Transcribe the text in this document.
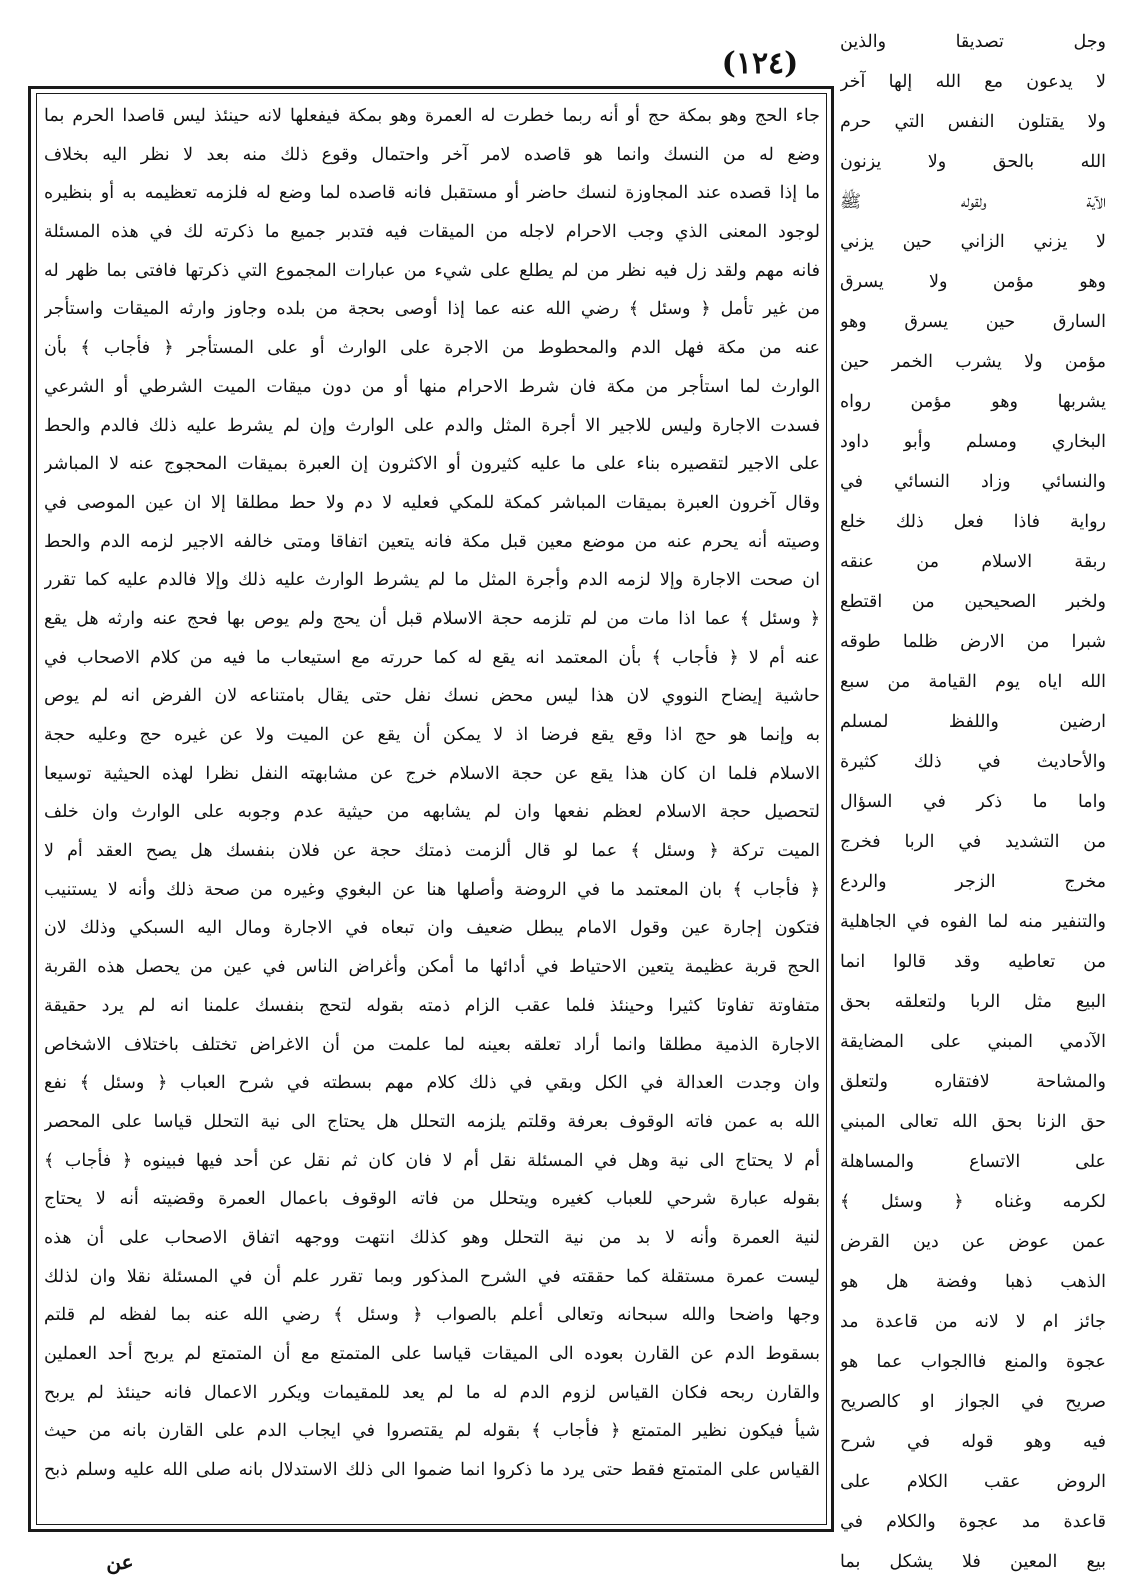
(١٢٤)
جاء الحج وهو بمكة حج أو أنه ربما خطرت له العمرة وهو بمكة فيفعلها لانه حينئذ ليس قاصدا الحرم بما
وضع له من النسك وانما هو قاصده لامر آخر واحتمال وقوع ذلك منه بعد لا نظر اليه بخلاف
ما إذا قصده عند المجاوزة لنسك حاضر أو مستقبل فانه قاصده لما وضع له فلزمه تعظيمه به أو بنظيره
لوجود المعنى الذي وجب الاحرام لاجله من الميقات فيه فتدبر جميع ما ذكرته لك في هذه المسئلة
فانه مهم ولقد زل فيه نظر من لم يطلع على شيء من عبارات المجموع التي ذكرتها فافتى بما ظهر له
من غير تأمل ﴿ وسئل ﴾ رضي الله عنه عما إذا أوصى بحجة من بلده وجاوز وارثه الميقات واستأجر
عنه من مكة فهل الدم والمحطوط من الاجرة على الوارث أو على المستأجر ﴿ فأجاب ﴾ بأن
الوارث لما استأجر من مكة فان شرط الاحرام منها أو من دون ميقات الميت الشرطي أو الشرعي
فسدت الاجارة وليس للاجير الا أجرة المثل والدم على الوارث وإن لم يشرط عليه ذلك فالدم والحط
على الاجير لتقصيره بناء على ما عليه كثيرون أو الاكثرون إن العبرة بميقات المحجوج عنه لا المباشر
وقال آخرون العبرة بميقات المباشر كمكة للمكي فعليه لا دم ولا حط مطلقا إلا ان عين الموصى في
وصيته أنه يحرم عنه من موضع معين قبل مكة فانه يتعين اتفاقا ومتى خالفه الاجير لزمه الدم والحط
ان صحت الاجارة وإلا لزمه الدم وأجرة المثل ما لم يشرط الوارث عليه ذلك وإلا فالدم عليه كما تقرر
﴿ وسئل ﴾ عما اذا مات من لم تلزمه حجة الاسلام قبل أن يحج ولم يوص بها فحج عنه وارثه هل يقع
عنه أم لا ﴿ فأجاب ﴾ بأن المعتمد انه يقع له كما حررته مع استيعاب ما فيه من كلام الاصحاب في
حاشية إيضاح النووي لان هذا ليس محض نسك نفل حتى يقال بامتناعه لان الفرض انه لم يوص
به وإنما هو حج اذا وقع يقع فرضا اذ لا يمكن أن يقع عن الميت ولا عن غيره حج وعليه حجة
الاسلام فلما ان كان هذا يقع عن حجة الاسلام خرج عن مشابهته النفل نظرا لهذه الحيثية توسيعا
لتحصيل حجة الاسلام لعظم نفعها وان لم يشابهه من حيثية عدم وجوبه على الوارث وان خلف
الميت تركة ﴿ وسئل ﴾ عما لو قال ألزمت ذمتك حجة عن فلان بنفسك هل يصح العقد أم لا
﴿ فأجاب ﴾ بان المعتمد ما في الروضة وأصلها هنا عن البغوي وغيره من صحة ذلك وأنه لا يستنيب
فتكون إجارة عين وقول الامام يبطل ضعيف وان تبعاه في الاجارة ومال اليه السبكي وذلك لان
الحج قربة عظيمة يتعين الاحتياط في أدائها ما أمكن وأغراض الناس في عين من يحصل هذه القربة
متفاوتة تفاوتا كثيرا وحينئذ فلما عقب الزام ذمته بقوله لتحج بنفسك علمنا انه لم يرد حقيقة
الاجارة الذمية مطلقا وانما أراد تعلقه بعينه لما علمت من أن الاغراض تختلف باختلاف الاشخاص
وان وجدت العدالة في الكل وبقي في ذلك كلام مهم بسطته في شرح العباب ﴿ وسئل ﴾ نفع
الله به عمن فاته الوقوف بعرفة وقلتم يلزمه التحلل هل يحتاج الى نية التحلل قياسا على المحصر
أم لا يحتاج الى نية وهل في المسئلة نقل أم لا فان كان ثم نقل عن أحد فيها فبينوه ﴿ فأجاب ﴾
بقوله عبارة شرحي للعباب كغيره ويتحلل من فاته الوقوف باعمال العمرة وقضيته أنه لا يحتاج
لنية العمرة وأنه لا بد من نية التحلل وهو كذلك انتهت ووجهه اتفاق الاصحاب على أن هذه
ليست عمرة مستقلة كما حققته في الشرح المذكور وبما تقرر علم أن في المسئلة نقلا وان لذلك
وجها واضحا والله سبحانه وتعالى أعلم بالصواب ﴿ وسئل ﴾ رضي الله عنه بما لفظه لم قلتم
بسقوط الدم عن القارن بعوده الى الميقات قياسا على المتمتع مع أن المتمتع لم يربح أحد العملين
والقارن ربحه فكان القياس لزوم الدم له ما لم يعد للمقيمات ويكرر الاعمال فانه حينئذ لم يربح
شيأ فيكون نظير المتمتع ﴿ فأجاب ﴾ بقوله لم يقتصروا في ايجاب الدم على القارن بانه من حيث
القياس على المتمتع فقط حتى يرد ما ذكروا انما ضموا الى ذلك الاستدلال بانه صلى الله عليه وسلم ذبح
وجل تصديقا والذين
لا يدعون مع الله إلها آخر
ولا يقتلون النفس التي حرم
الله بالحق ولا يزنون
الآية ولقوله ﷺ
لا يزني الزاني حين يزني
وهو مؤمن ولا يسرق
السارق حين يسرق وهو
مؤمن ولا يشرب الخمر حين
يشربها وهو مؤمن رواه
البخاري ومسلم وأبو داود
والنسائي وزاد النسائي في
رواية فاذا فعل ذلك خلع
ربقة الاسلام من عنقه
ولخبر الصحيحين من اقتطع
شبرا من الارض ظلما طوقه
الله اياه يوم القيامة من سبع
ارضين واللفظ لمسلم
والأحاديث في ذلك كثيرة
واما ما ذكر في السؤال
من التشديد في الربا فخرج
مخرج الزجر والردع
والتنفير منه لما الفوه في الجاهلية
من تعاطيه وقد قالوا انما
البيع مثل الربا ولتعلقه بحق
الآدمي المبني على المضايقة
والمشاحة لافتقاره ولتعلق
حق الزنا بحق الله تعالى المبني
على الاتساع والمساهلة
لكرمه وغناه ﴿ وسئل ﴾
عمن عوض عن دين القرض
الذهب ذهبا وفضة هل هو
جائز ام لا لانه من قاعدة مد
عجوة والمنع فاالجواب عما هو
صريح في الجواز او كالصريح
فيه وهو قوله في شرح
الروض عقب الكلام على
قاعدة مد عجوة والكلام في
بيع المعين فلا يشكل بما
عن
